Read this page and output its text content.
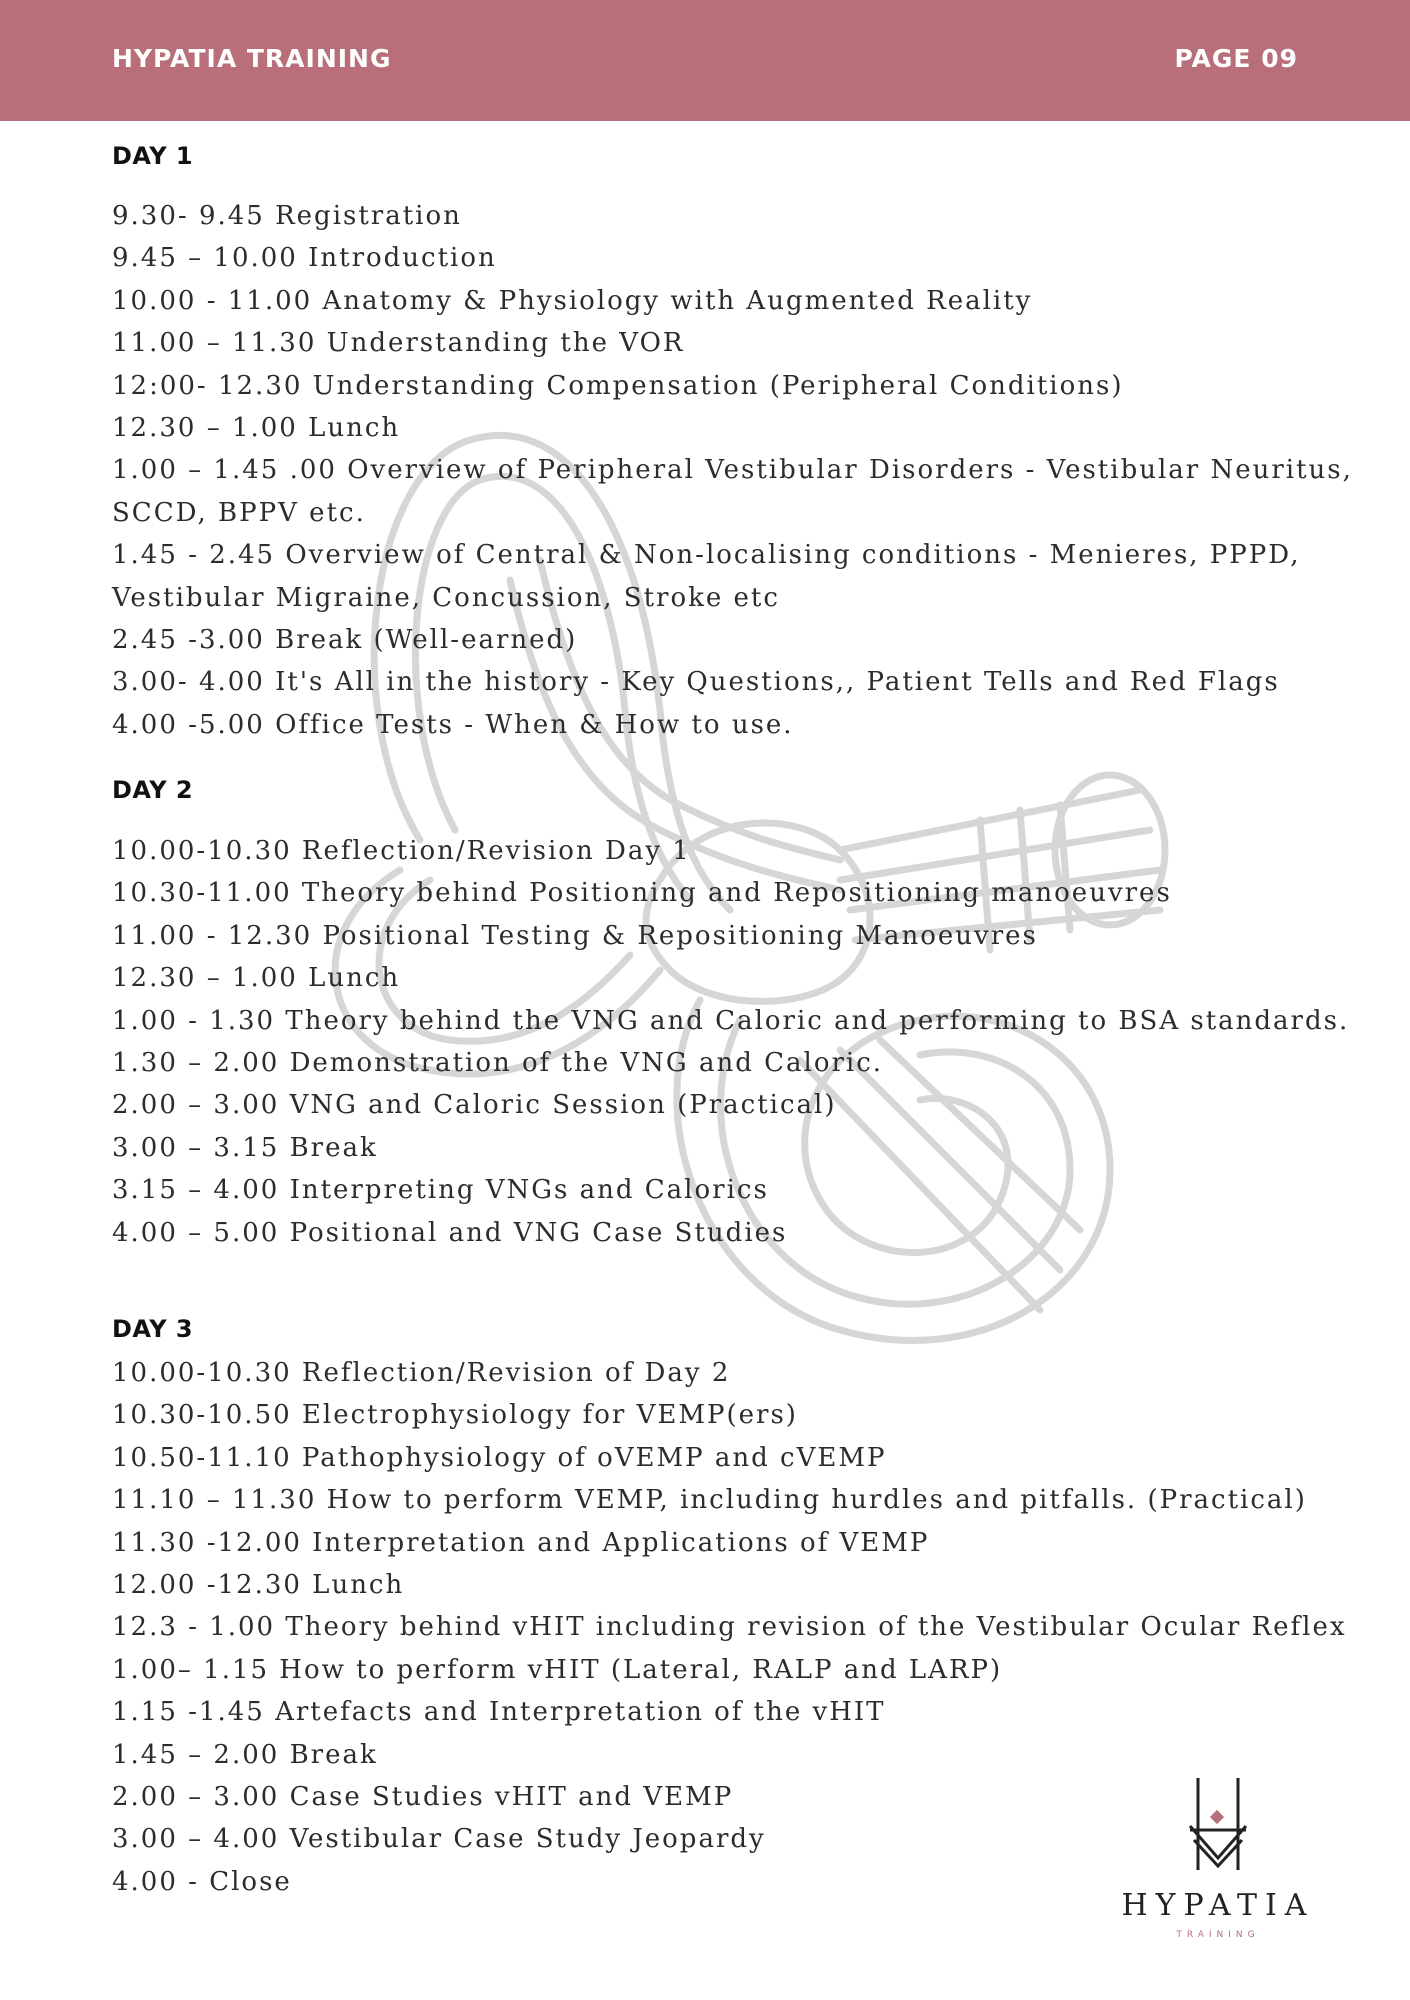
HYPATIA TRAINING	PAGE 09
DAY 1
9.30- 9.45 Registration
9.45 – 10.00 Introduction
10.00 - 11.00 Anatomy & Physiology with Augmented Reality
11.00 – 11.30 Understanding the VOR
12:00- 12.30 Understanding Compensation (Peripheral Conditions)
12.30 – 1.00 Lunch
1.00 – 1.45 .00 Overview of Peripheral Vestibular Disorders - Vestibular Neuritus,
SCCD, BPPV etc.
1.45 - 2.45 Overview of Central & Non-localising conditions - Menieres, PPPD,
Vestibular Migraine, Concussion, Stroke etc
2.45 -3.00 Break (Well-earned)
3.00- 4.00 It's All in the history - Key Questions,, Patient Tells and Red Flags
4.00 -5.00 Office Tests - When & How to use.
DAY 2
10.00-10.30 Reflection/Revision Day 1
10.30-11.00 Theory behind Positioning and Repositioning manoeuvres
11.00 - 12.30 Positional Testing & Repositioning Manoeuvres
12.30 – 1.00 Lunch
1.00 - 1.30 Theory behind the VNG and Caloric and performing to BSA standards.
1.30 – 2.00 Demonstration of the VNG and Caloric.
2.00 – 3.00 VNG and Caloric Session (Practical)
3.00 – 3.15 Break
3.15 – 4.00 Interpreting VNGs and Calorics
4.00 – 5.00 Positional and VNG Case Studies
DAY 3
10.00-10.30 Reflection/Revision of Day 2
10.30-10.50 Electrophysiology for VEMP(ers)
10.50-11.10 Pathophysiology of oVEMP and cVEMP
11.10 – 11.30 How to perform VEMP, including hurdles and pitfalls. (Practical)
11.30 -12.00 Interpretation and Applications of VEMP
12.00 -12.30 Lunch
12.3 - 1.00 Theory behind vHIT including revision of the Vestibular Ocular Reflex
1.00– 1.15 How to perform vHIT (Lateral, RALP and LARP)
1.15 -1.45 Artefacts and Interpretation of the vHIT
1.45 – 2.00 Break
2.00 – 3.00 Case Studies vHIT and VEMP
3.00 – 4.00 Vestibular Case Study Jeopardy
4.00 - Close
HYPATIA
TRAINING
